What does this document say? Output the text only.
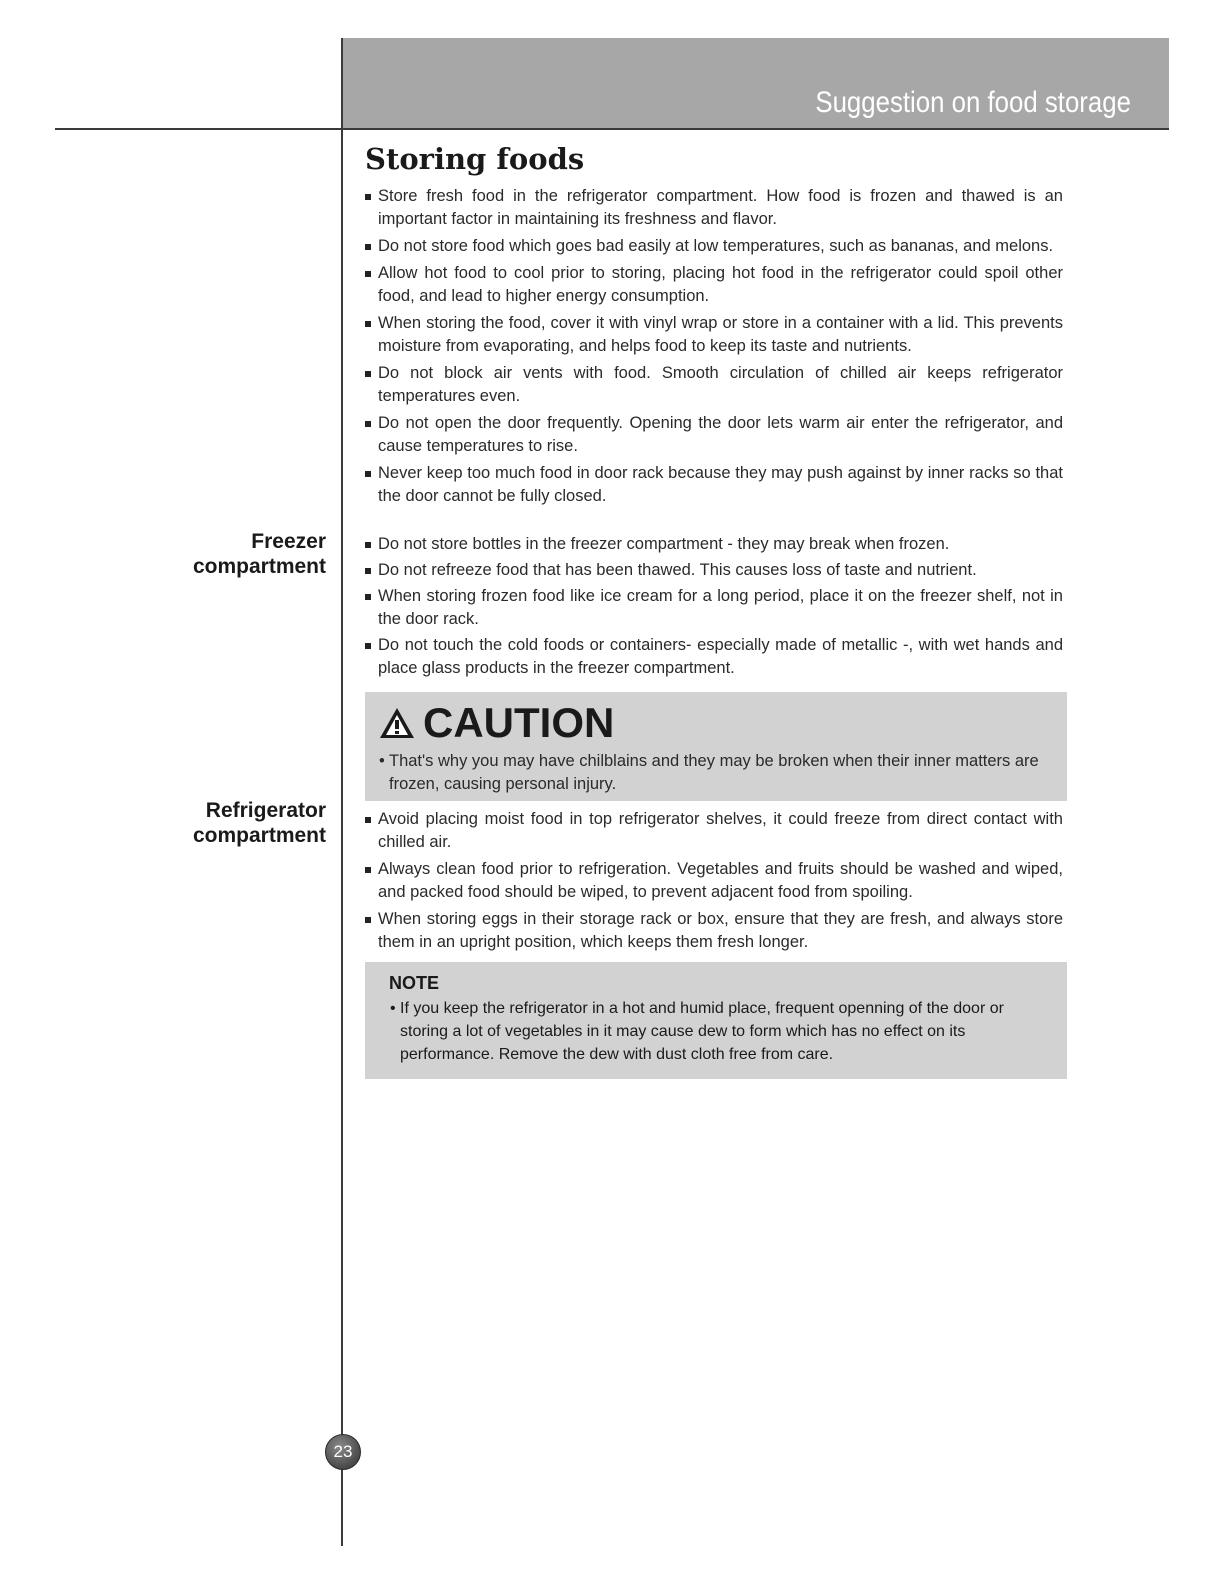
Suggestion on food storage
Storing foods
Freezer
compartment
Refrigerator
compartment
Store fresh food in the refrigerator compartment. How food is frozen and thawed is an important factor in maintaining its freshness and flavor.
Do not store food which goes bad easily at low temperatures, such as bananas, and melons.
Allow hot food to cool prior to storing, placing hot food in the refrigerator could spoil other food, and lead to higher energy consumption.
When storing the food, cover it with vinyl wrap or store in a container with a lid. This prevents moisture from evaporating, and helps food to keep its taste and nutrients.
Do not block air vents with food. Smooth circulation of chilled air keeps refrigerator temperatures even.
Do not open the door frequently. Opening the door lets warm air enter the refrigerator, and cause temperatures to rise.
Never keep too much food in door rack because they may push against by inner racks so that the door cannot be fully closed.
Do not store bottles in the freezer compartment - they may break when frozen.
Do not refreeze food that has been thawed. This causes loss of taste and nutrient.
When storing frozen food like ice cream for a long period, place it on the freezer shelf, not in the door rack.
Do not touch the cold foods or containers- especially made of metallic -, with wet hands and place glass products in the freezer compartment.
CAUTION
• That's why you may have chilblains and they may be broken when their inner matters are frozen, causing personal injury.
Avoid placing moist food in top refrigerator shelves, it could freeze from direct contact with chilled air.
Always clean food prior to refrigeration. Vegetables and fruits should be washed and wiped, and packed food should be wiped, to prevent adjacent food from spoiling.
When storing eggs in their storage rack or box, ensure that they are fresh, and always store them in an upright position, which keeps them fresh longer.
NOTE
• If you keep the refrigerator in a hot and humid place, frequent openning of the door or storing a lot of vegetables in it may cause dew to form which has no effect on its performance. Remove the dew with dust cloth free from care.
23
